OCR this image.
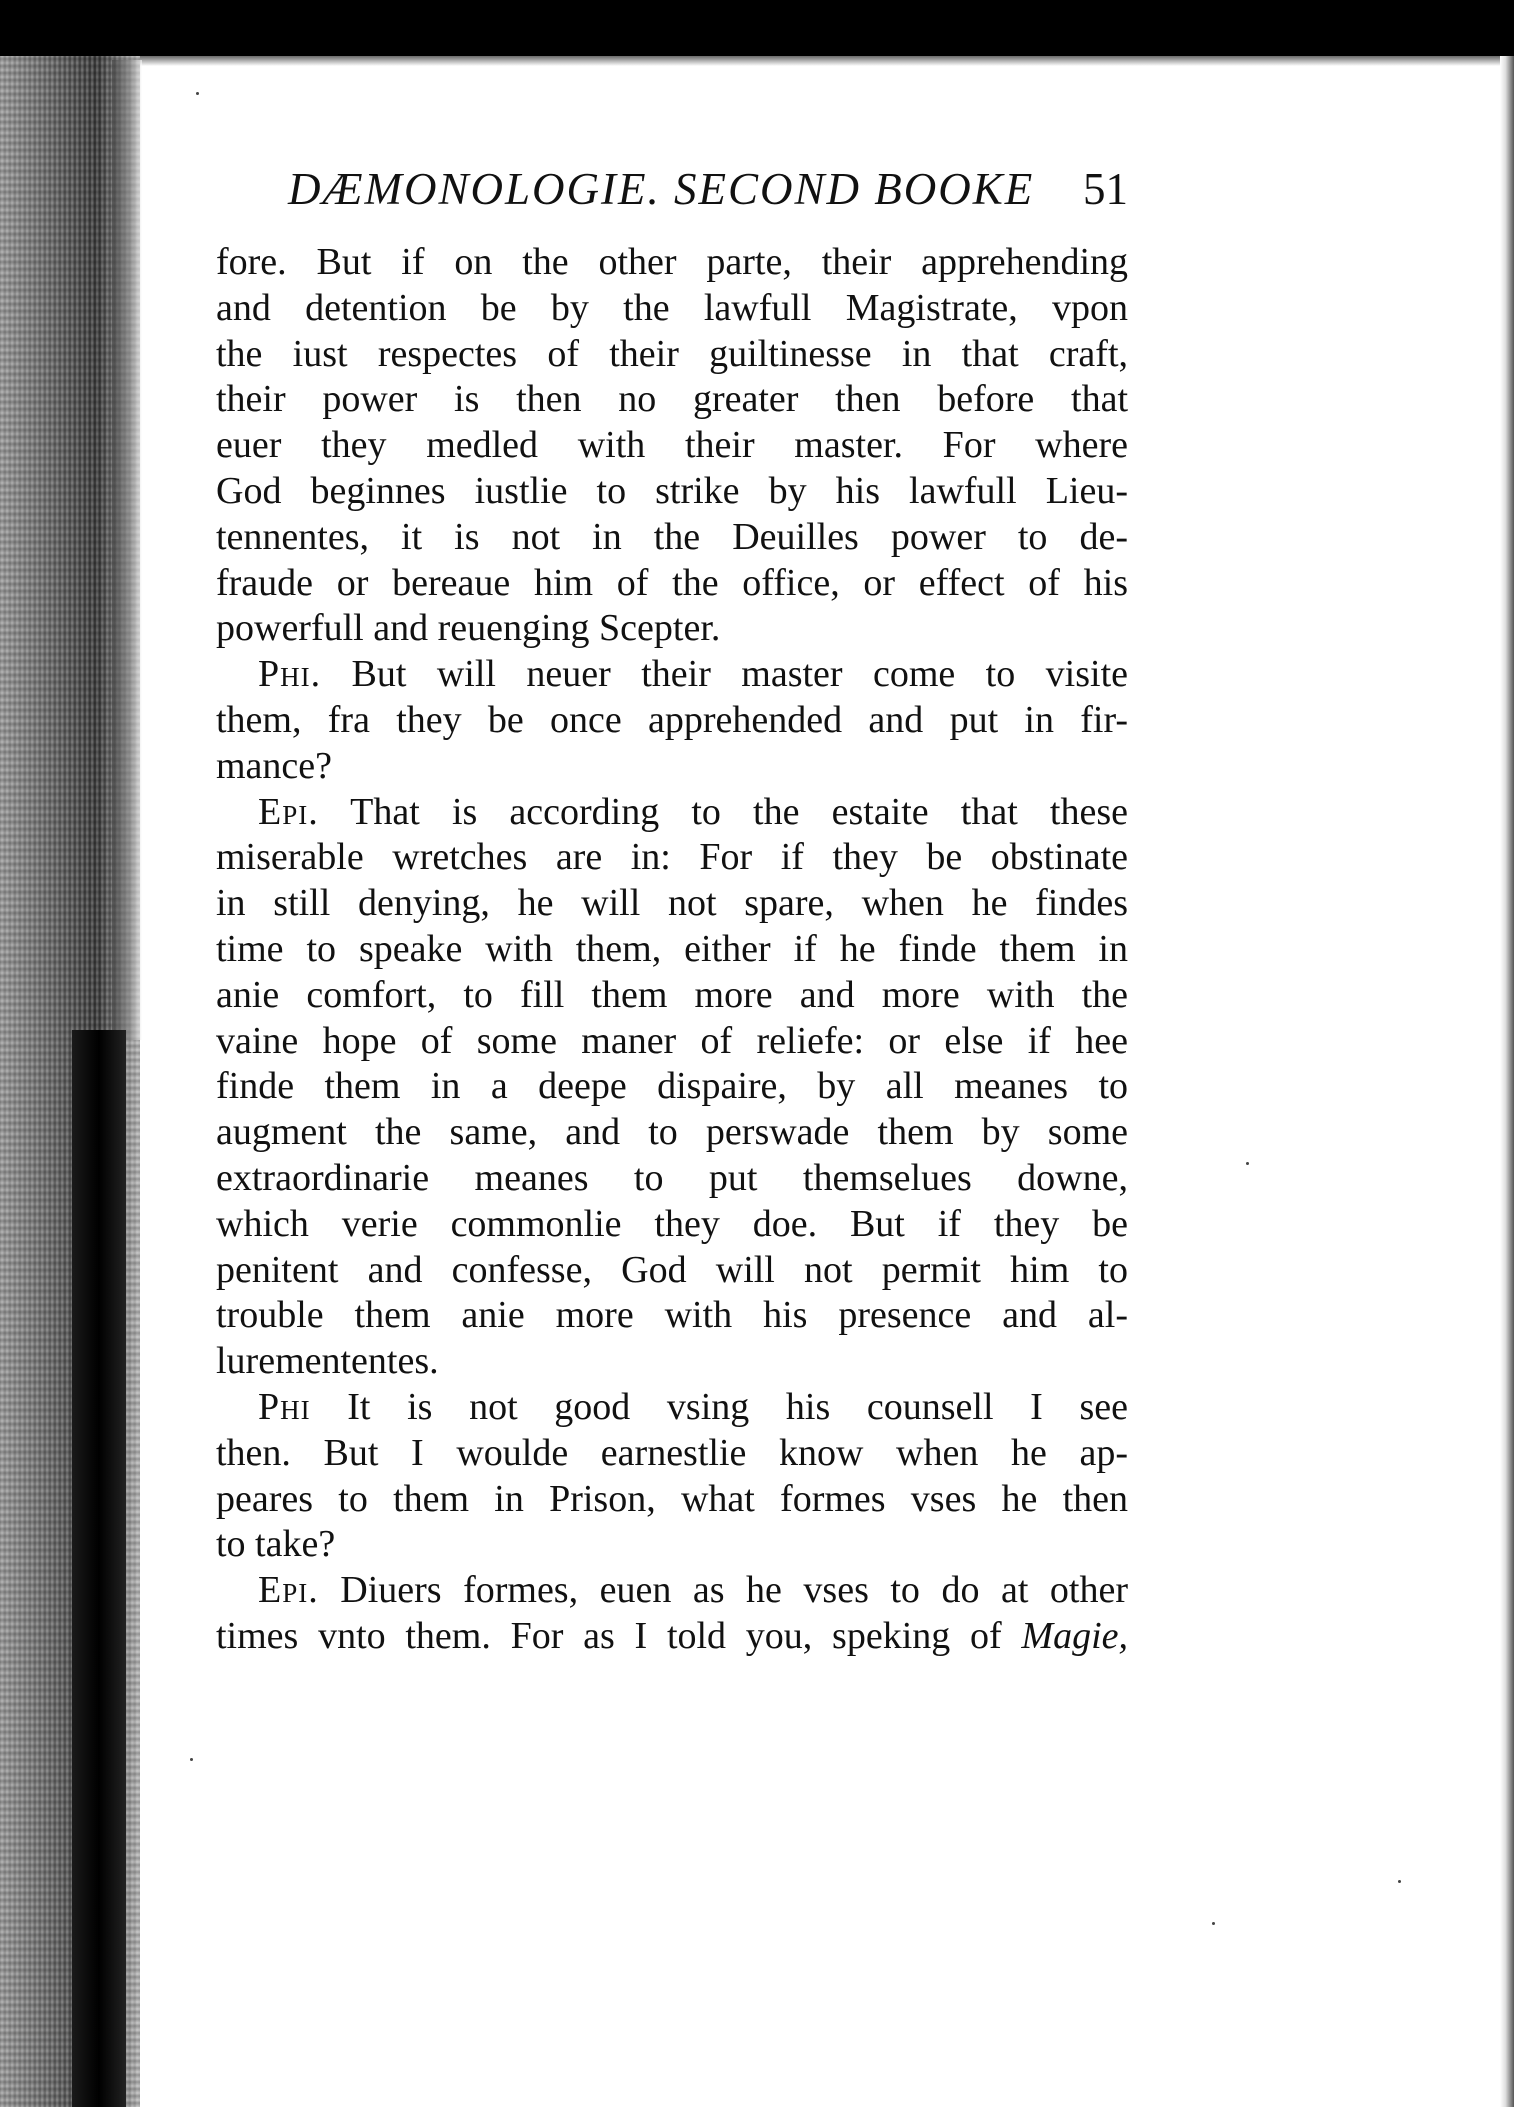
DÆMONOLOGIE. SECOND BOOKE 51
fore. But if on the other parte, their apprehending
and detention be by the lawfull Magistrate, vpon
the iust respectes of their guiltinesse in that craft,
their power is then no greater then before that
euer they medled with their master. For where
God beginnes iustlie to strike by his lawfull Lieu-
tennentes, it is not in the Deuilles power to de-
fraude or bereaue him of the office, or effect of his
powerfull and reuenging Scepter.
Phi. But will neuer their master come to visite
them, fra they be once apprehended and put in fir-
mance?
Epi. That is according to the estaite that these
miserable wretches are in: For if they be obstinate
in still denying, he will not spare, when he findes
time to speake with them, either if he finde them in
anie comfort, to fill them more and more with the
vaine hope of some maner of reliefe: or else if hee
finde them in a deepe dispaire, by all meanes to
augment the same, and to perswade them by some
extraordinarie meanes to put themselues downe,
which verie commonlie they doe. But if they be
penitent and confesse, God will not permit him to
trouble them anie more with his presence and al-
luremententes.
Phi It is not good vsing his counsell I see
then. But I woulde earnestlie know when he ap-
peares to them in Prison, what formes vses he then
to take?
Epi. Diuers formes, euen as he vses to do at other
times vnto them. For as I told you, speking of Magie,
